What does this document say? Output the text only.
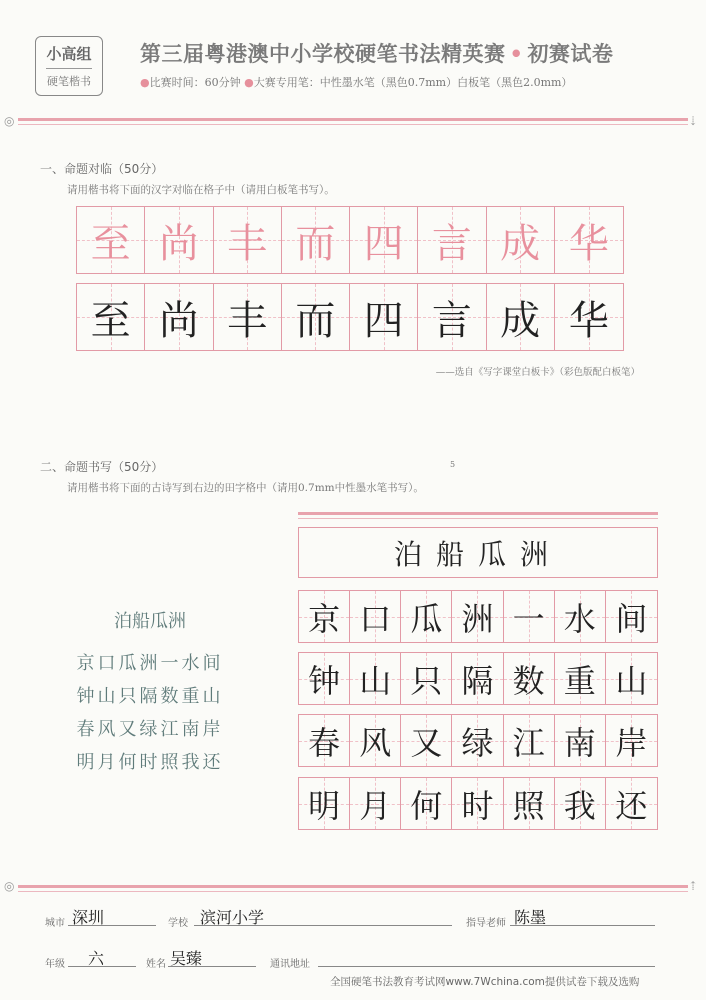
小高组
硬笔楷书
第三届粤港澳中小学校硬笔书法精英赛 • 初赛试卷
●比赛时间：60分钟 ●大赛专用笔：中性墨水笔（黑色0.7mm）白板笔（黑色2.0mm）
◎	⇣
一、命题对临（50分）
请用楷书将下面的汉字对临在格子中（请用白板笔书写）。
至 尚 丰 而 四 言 成 华
至 尚 丰 而 四 言 成 华
——选自《写字课堂白板卡》（彩色版配白板笔）
5
二、命题书写（50分）
请用楷书将下面的古诗写到右边的田字格中（请用0.7mm中性墨水笔书写）。
泊船瓜洲
京口瓜洲一水间
钟山只隔数重山
春风又绿江南岸
明月何时照我还
泊船瓜洲
京 口 瓜 洲 一 水 间
钟 山 只 隔 数 重 山
春 风 又 绿 江 南 岸
明 月 何 时 照 我 还
◎	⇡
城市 深圳	学校 滨河小学	指导老师 陈墨
年级 六	姓名 吴臻	通讯地址
全国硬笔书法教育考试网www.7Wchina.com提供试卷下载及选购
